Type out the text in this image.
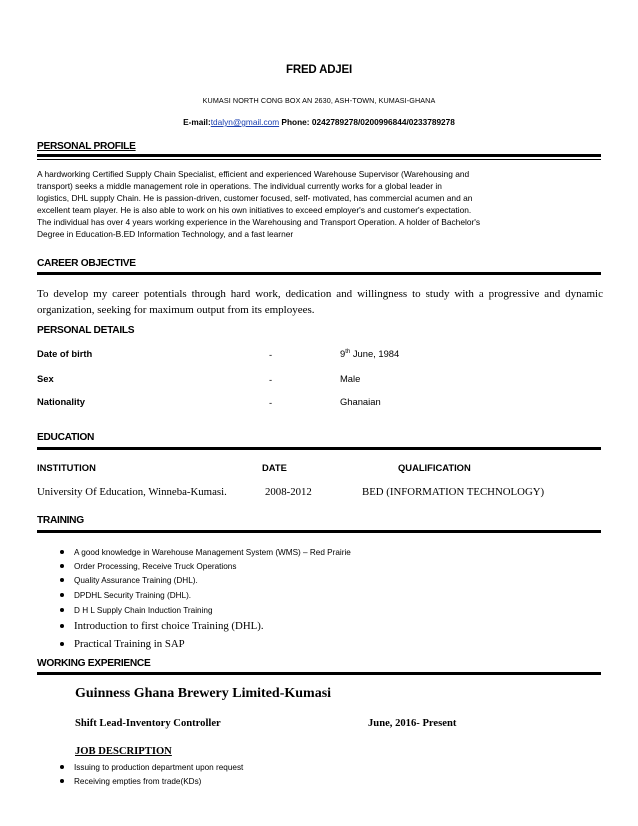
FRED ADJEI
KUMASI NORTH CONG BOX AN 2630, ASH-TOWN, KUMASI-GHANA
E-mail:tdalyn@gmail.com Phone: 0242789278/0200996844/0233789278
PERSONAL PROFILE
A hardworking Certified Supply Chain Specialist, efficient and experienced Warehouse Supervisor (Warehousing and
transport) seeks a middle management role in operations. The individual currently works for a global leader in
logistics, DHL supply Chain. He is passion-driven, customer focused, self- motivated, has commercial acumen and an
excellent team player. He is also able to work on his own initiatives to exceed employer's and customer's expectation.
The individual has over 4 years working experience in the Warehousing and Transport Operation. A holder of Bachelor's
Degree in Education-B.ED Information Technology, and a fast learner
CAREER OBJECTIVE
To develop my career potentials through hard work, dedication and willingness to study with a progressive and dynamic organization, seeking for maximum output from its employees.
PERSONAL DETAILS
Date of birth	-	9th June, 1984
Sex	-	Male
Nationality	-	Ghanaian
EDUCATION
INSTITUTION	DATE	QUALIFICATION
University Of Education, Winneba-Kumasi.	2008-2012	BED (INFORMATION TECHNOLOGY)
TRAINING
A good knowledge in Warehouse Management System (WMS) – Red Prairie
Order Processing, Receive Truck Operations
Quality Assurance Training (DHL).
DPDHL Security Training (DHL).
D H L Supply Chain Induction Training
Introduction to first choice Training (DHL).
Practical Training in SAP
WORKING EXPERIENCE
Guinness Ghana Brewery Limited-Kumasi
Shift Lead-Inventory Controller	June, 2016- Present
JOB DESCRIPTION
Issuing to production department upon request
Receiving empties from trade(KDs)
